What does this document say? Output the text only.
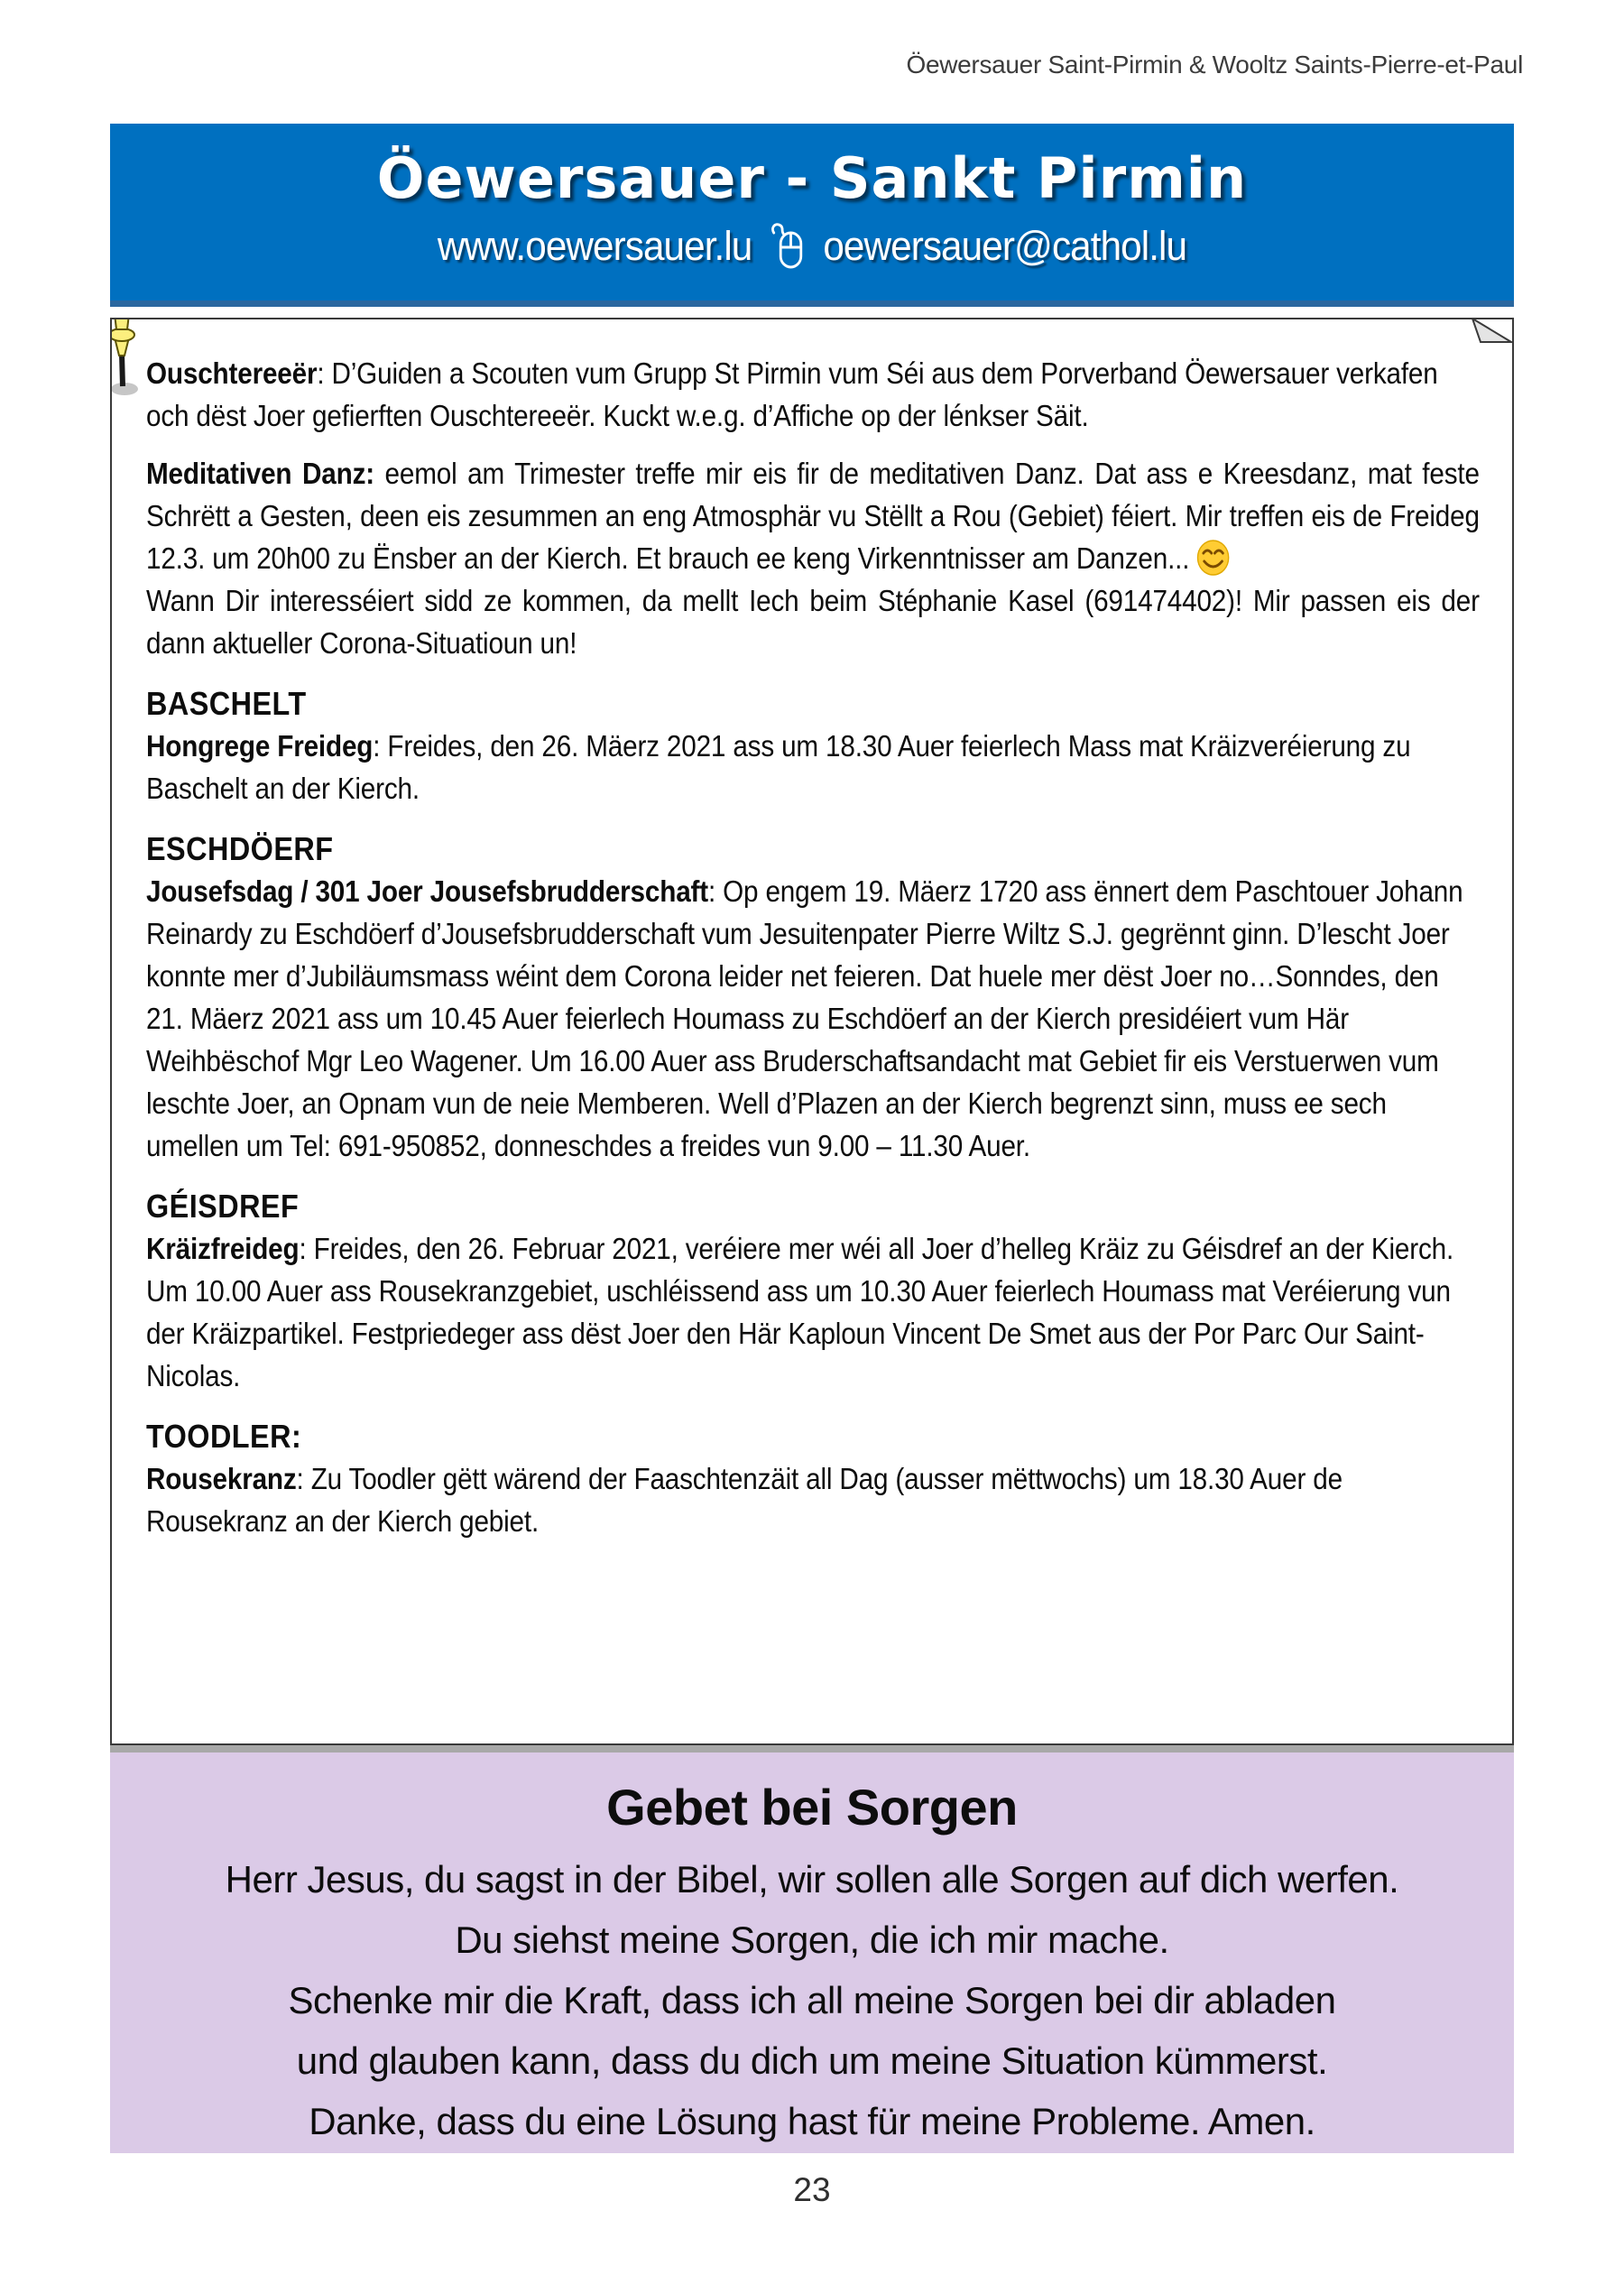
Öewersauer Saint-Pirmin & Wooltz Saints-Pierre-et-Paul
Öewersauer - Sankt Pirmin
www.oewersauer.lu oewersauer@cathol.lu

Ouschtereeër: D’Guiden a Scouten vum Grupp St Pirmin vum Séi aus dem Porverband Öewersauer verkafen och dëst Joer gefierften Ouschtereeër. Kuckt w.e.g. d’Affiche op der lénkser Säit.

Meditativen Danz: eemol am Trimester treffe mir eis fir de meditativen Danz. Dat ass e Kreesdanz, mat feste Schrëtt a Gesten, deen eis zesummen an eng Atmosphär vu Stëllt a Rou (Gebiet) féiert. Mir treffen eis de Freideg 12.3. um 20h00 zu Ënsber an der Kierch. Et brauch ee keng Virkenntnisser am Danzen...
Wann Dir interesséiert sidd ze kommen, da mellt Iech beim Stéphanie Kasel (691474402)! Mir passen eis der dann aktueller Corona-Situatioun un!

BASCHELT

Hongrege Freideg: Freides, den 26. Mäerz 2021 ass um 18.30 Auer feierlech Mass mat Kräizveréierung zu Baschelt an der Kierch.

ESCHDÖERF

Jousefsdag / 301 Joer Jousefsbrudderschaft: Op engem 19. Mäerz 1720 ass ënnert dem Paschtouer Johann Reinardy zu Eschdöerf d’Jousefsbrudderschaft vum Jesuitenpater Pierre Wiltz S.J. gegrënnt ginn. D’lescht Joer konnte mer d’Jubiläumsmass wéint dem Corona leider net feieren. Dat huele mer dëst Joer no…Sonndes, den 21. Mäerz 2021 ass um 10.45 Auer feierlech Houmass zu Eschdöerf an der Kierch presidéiert vum Här Weihbëschof Mgr Leo Wagener. Um 16.00 Auer ass Bruderschaftsandacht mat Gebiet fir eis Verstuerwen vum leschte Joer, an Opnam vun de neie Memberen. Well d’Plazen an der Kierch begrenzt sinn, muss ee sech umellen um Tel: 691-950852, donneschdes a freides vun 9.00 – 11.30 Auer.

GÉISDREF

Kräizfreideg: Freides, den 26. Februar 2021, veréiere mer wéi all Joer d’helleg Kräiz zu Géisdref an der Kierch. Um 10.00 Auer ass Rousekranzgebiet, uschléissend ass um 10.30 Auer feierlech Houmass mat Veréierung vun der Kräizpartikel. Festpriedeger ass dëst Joer den Här Kaploun Vincent De Smet aus der Por Parc Our Saint-Nicolas.

TOODLER:

Rousekranz: Zu Toodler gëtt wärend der Faaschtenzäit all Dag (ausser mëttwochs) um 18.30 Auer de Rousekranz an der Kierch gebiet.

Gebet bei Sorgen
Herr Jesus, du sagst in der Bibel, wir sollen alle Sorgen auf dich werfen.
Du siehst meine Sorgen, die ich mir mache.
Schenke mir die Kraft, dass ich all meine Sorgen bei dir abladen
und glauben kann, dass du dich um meine Situation kümmerst.
Danke, dass du eine Lösung hast für meine Probleme. Amen.
23
